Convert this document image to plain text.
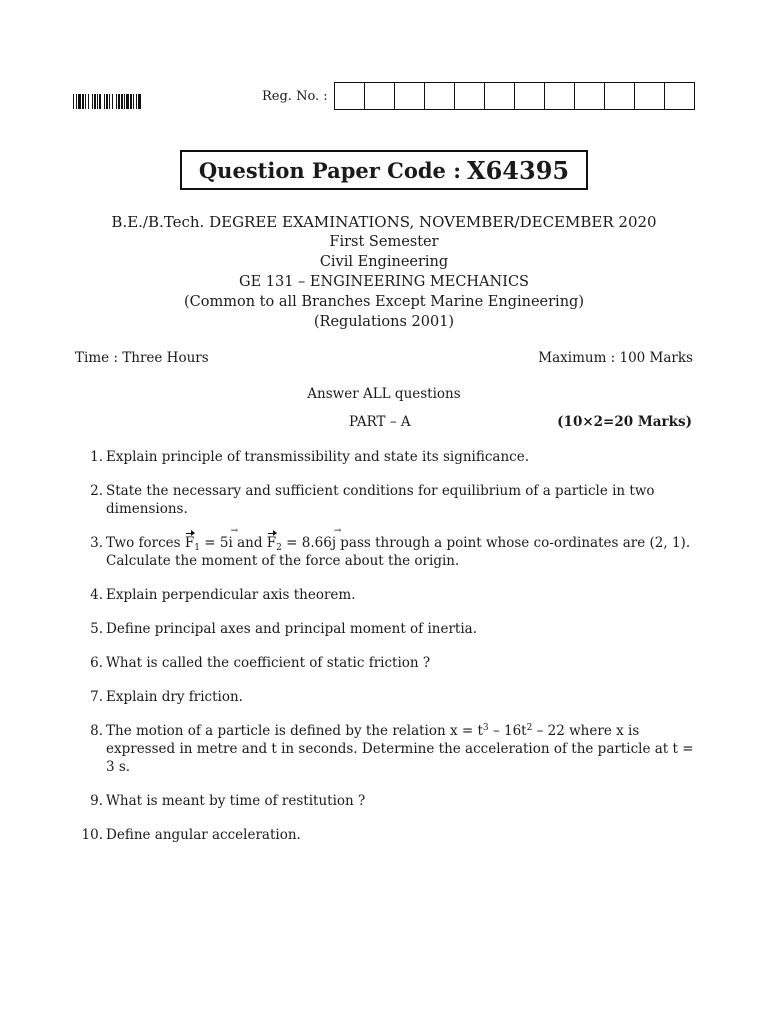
Reg. No. :
Question Paper Code : X64395
B.E./B.Tech. DEGREE EXAMINATIONS, NOVEMBER/DECEMBER 2020
First Semester
Civil Engineering
GE 131 – ENGINEERING MECHANICS
(Common to all Branches Except Marine Engineering)
(Regulations 2001)
Time : Three Hours	Maximum : 100 Marks
Answer ALL questions
PART – A	(10×2=20 Marks)
1. Explain principle of transmissibility and state its significance.
2. State the necessary and sufficient conditions for equilibrium of a particle in two dimensions.
3. Two forces $F_1 = 5i$ → and $F_2 = 8.66j$ → pass through a point whose co-ordinates are (2, 1). Calculate the moment of the force about the origin.
4. Explain perpendicular axis theorem.
5. Define principal axes and principal moment of inertia.
6. What is called the coefficient of static friction ?
7. Explain dry friction.
8. The motion of a particle is defined by the relation $x = t^3 - 16t^2 - 22$ where x is expressed in metre and t in seconds. Determine the acceleration of the particle at t = 3 s.
9. What is meant by time of restitution ?
10. Define angular acceleration.
